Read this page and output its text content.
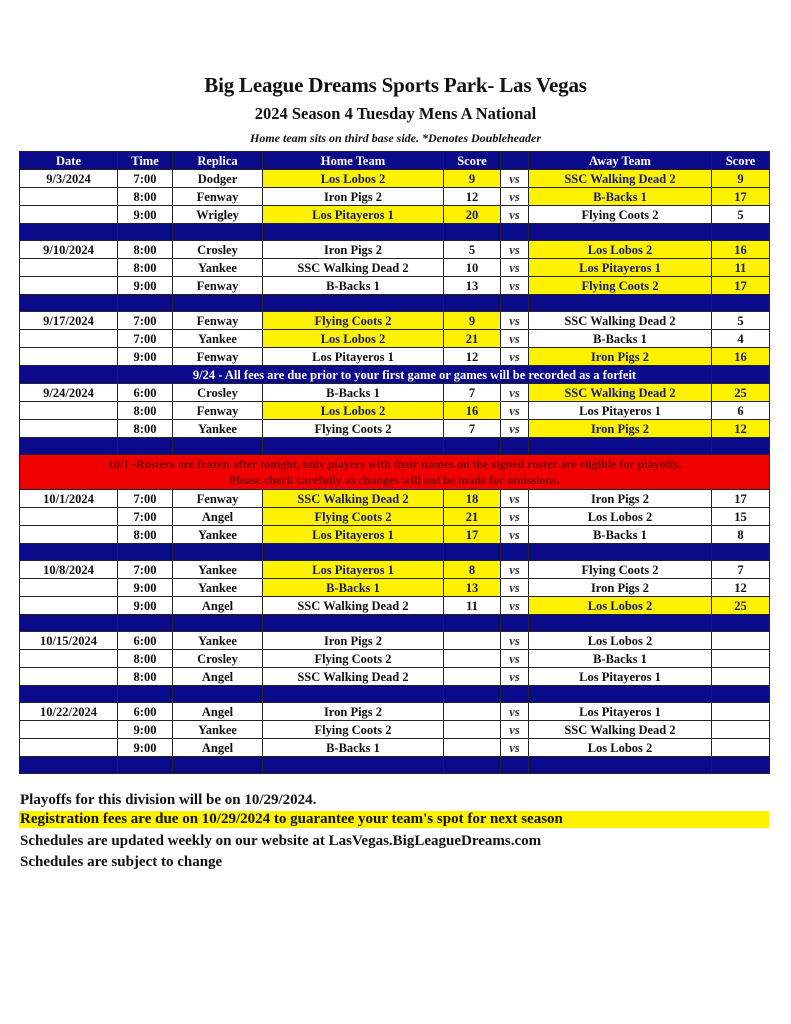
Big League Dreams Sports Park- Las Vegas
2024 Season 4 Tuesday Mens A National
Home team sits on third base side. *Denotes Doubleheader
Date	Time	Replica	Home Team	Score		Away Team	Score
9/3/2024	7:00	Dodger	Los Lobos 2	9	vs	SSC Walking Dead 2	9
	8:00	Fenway	Iron Pigs 2	12	vs	B-Backs 1	17
	9:00	Wrigley	Los Pitayeros 1	20	vs	Flying Coots 2	5

9/10/2024	8:00	Crosley	Iron Pigs 2	5	vs	Los Lobos 2	16
	8:00	Yankee	SSC Walking Dead 2	10	vs	Los Pitayeros 1	11
	9:00	Fenway	B-Backs 1	13	vs	Flying Coots 2	17

9/17/2024	7:00	Fenway	Flying Coots 2	9	vs	SSC Walking Dead 2	5
	7:00	Yankee	Los Lobos 2	21	vs	B-Backs 1	4
	9:00	Fenway	Los Pitayeros 1	12	vs	Iron Pigs 2	16
	9/24 - All fees are due prior to your first game or games will be recorded as a forfeit						
9/24/2024	6:00	Crosley	B-Backs 1	7	vs	SSC Walking Dead 2	25
	8:00	Fenway	Los Lobos 2	16	vs	Los Pitayeros 1	6
	8:00	Yankee	Flying Coots 2	7	vs	Iron Pigs 2	12

10/1 -Rosters are frozen after tonight, only players with their names on the signed roster are eligible for playoffs.
Please check carefully as changes will not be made for omissions.							

10/1/2024	7:00	Fenway	SSC Walking Dead 2	18	vs	Iron Pigs 2	17
	7:00	Angel	Flying Coots 2	21	vs	Los Lobos 2	15
	8:00	Yankee	Los Pitayeros 1	17	vs	B-Backs 1	8

10/8/2024	7:00	Yankee	Los Pitayeros 1	8	vs	Flying Coots 2	7
	9:00	Yankee	B-Backs 1	13	vs	Iron Pigs 2	12
	9:00	Angel	SSC Walking Dead 2	11	vs	Los Lobos 2	25

10/15/2024	6:00	Yankee	Iron Pigs 2		vs	Los Lobos 2	
	8:00	Crosley	Flying Coots 2		vs	B-Backs 1	
	8:00	Angel	SSC Walking Dead 2		vs	Los Pitayeros 1	

10/22/2024	6:00	Angel	Iron Pigs 2		vs	Los Pitayeros 1	
	9:00	Yankee	Flying Coots 2		vs	SSC Walking Dead 2	
	9:00	Angel	B-Backs 1		vs	Los Lobos 2	

Playoffs for this division will be on 10/29/2024.
Registration fees are due on 10/29/2024 to guarantee your team's spot for next season
Schedules are updated weekly on our website at LasVegas.BigLeagueDreams.com
Schedules are subject to change
